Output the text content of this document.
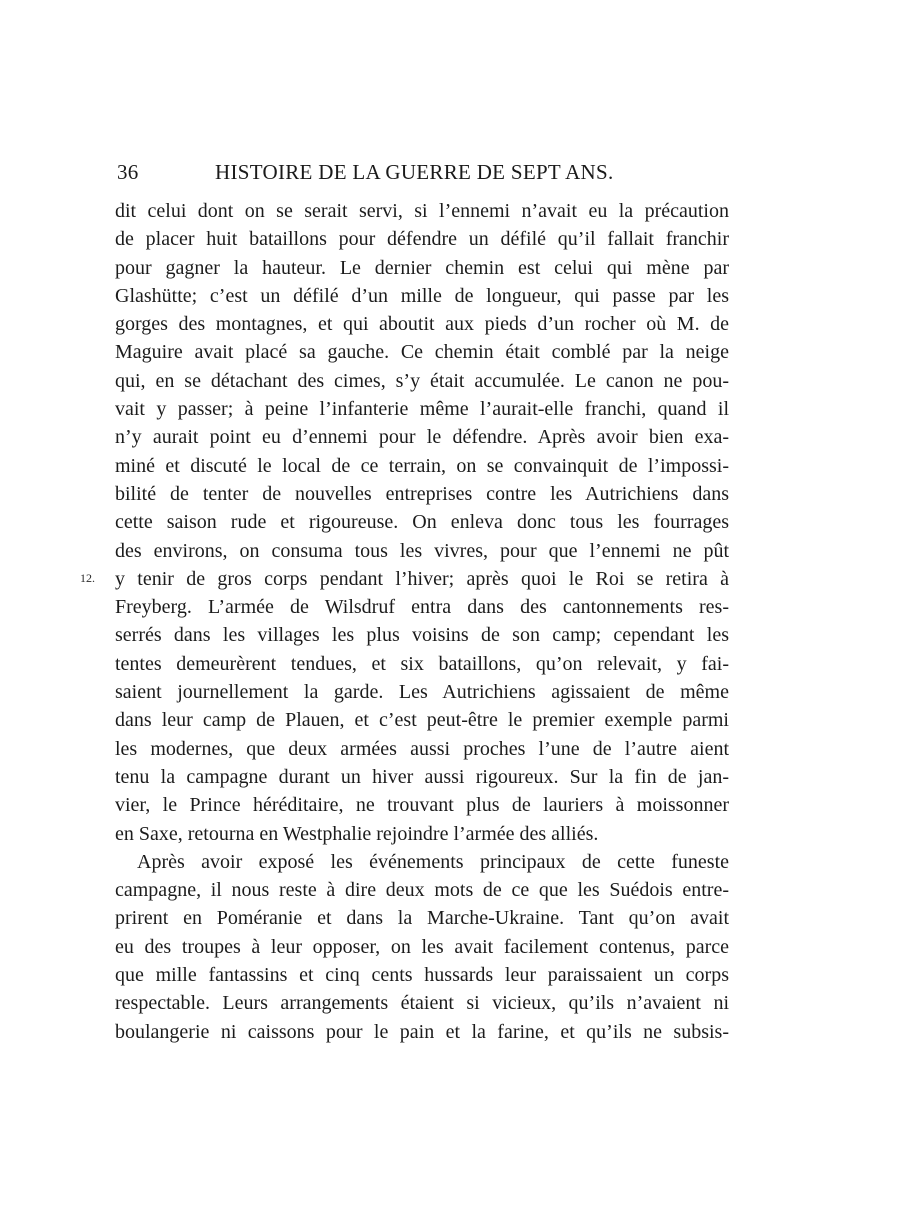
36	HISTOIRE DE LA GUERRE DE SEPT ANS.
12.
dit celui dont on se serait servi, si l’ennemi n’avait eu la précaution
de placer huit bataillons pour défendre un défilé qu’il fallait franchir
pour gagner la hauteur. Le dernier chemin est celui qui mène par
Glashütte; c’est un défilé d’un mille de longueur, qui passe par les
gorges des montagnes, et qui aboutit aux pieds d’un rocher où M. de
Maguire avait placé sa gauche. Ce chemin était comblé par la neige
qui, en se détachant des cimes, s’y était accumulée. Le canon ne pou-
vait y passer; à peine l’infanterie même l’aurait-elle franchi, quand il
n’y aurait point eu d’ennemi pour le défendre. Après avoir bien exa-
miné et discuté le local de ce terrain, on se convainquit de l’impossi-
bilité de tenter de nouvelles entreprises contre les Autrichiens dans
cette saison rude et rigoureuse. On enleva donc tous les fourrages
des environs, on consuma tous les vivres, pour que l’ennemi ne pût
y tenir de gros corps pendant l’hiver; après quoi le Roi se retira à
Freyberg. L’armée de Wilsdruf entra dans des cantonnements res-
serrés dans les villages les plus voisins de son camp; cependant les
tentes demeurèrent tendues, et six bataillons, qu’on relevait, y fai-
saient journellement la garde. Les Autrichiens agissaient de même
dans leur camp de Plauen, et c’est peut-être le premier exemple parmi
les modernes, que deux armées aussi proches l’une de l’autre aient
tenu la campagne durant un hiver aussi rigoureux. Sur la fin de jan-
vier, le Prince héréditaire, ne trouvant plus de lauriers à moissonner
en Saxe, retourna en Westphalie rejoindre l’armée des alliés.
Après avoir exposé les événements principaux de cette funeste
campagne, il nous reste à dire deux mots de ce que les Suédois entre-
prirent en Poméranie et dans la Marche-Ukraine. Tant qu’on avait
eu des troupes à leur opposer, on les avait facilement contenus, parce
que mille fantassins et cinq cents hussards leur paraissaient un corps
respectable. Leurs arrangements étaient si vicieux, qu’ils n’avaient ni
boulangerie ni caissons pour le pain et la farine, et qu’ils ne subsis-
